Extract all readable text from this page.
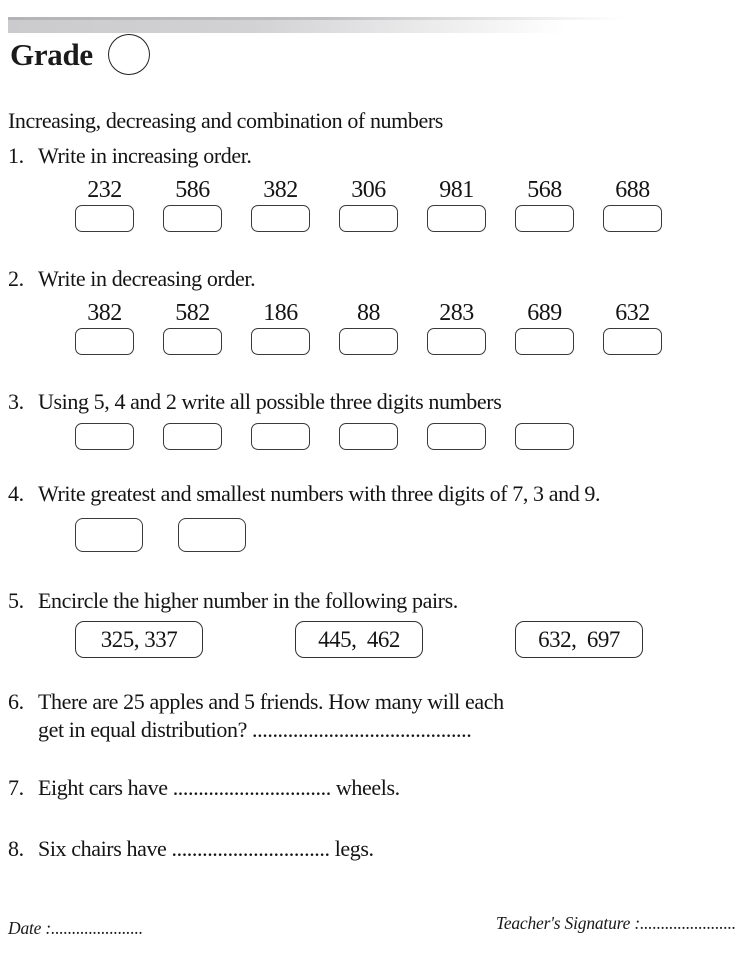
Grade
Increasing, decreasing and combination of numbers
1. Write in increasing order.
232	586	382	306	981	568	688
2. Write in decreasing order.
382	582	186	88	283	689	632
3. Using 5, 4 and 2 write all possible three digits numbers
4. Write greatest and smallest numbers with three digits of 7, 3 and 9.
5. Encircle the higher number in the following pairs.
325, 337	445,  462	632,  697
6. There are 25 apples and 5 friends. How many will each
get in equal distribution? ...........................................
7. Eight cars have ............................... wheels.
8. Six chairs have ............................... legs.
Date :......................	Teacher's Signature :.......................
